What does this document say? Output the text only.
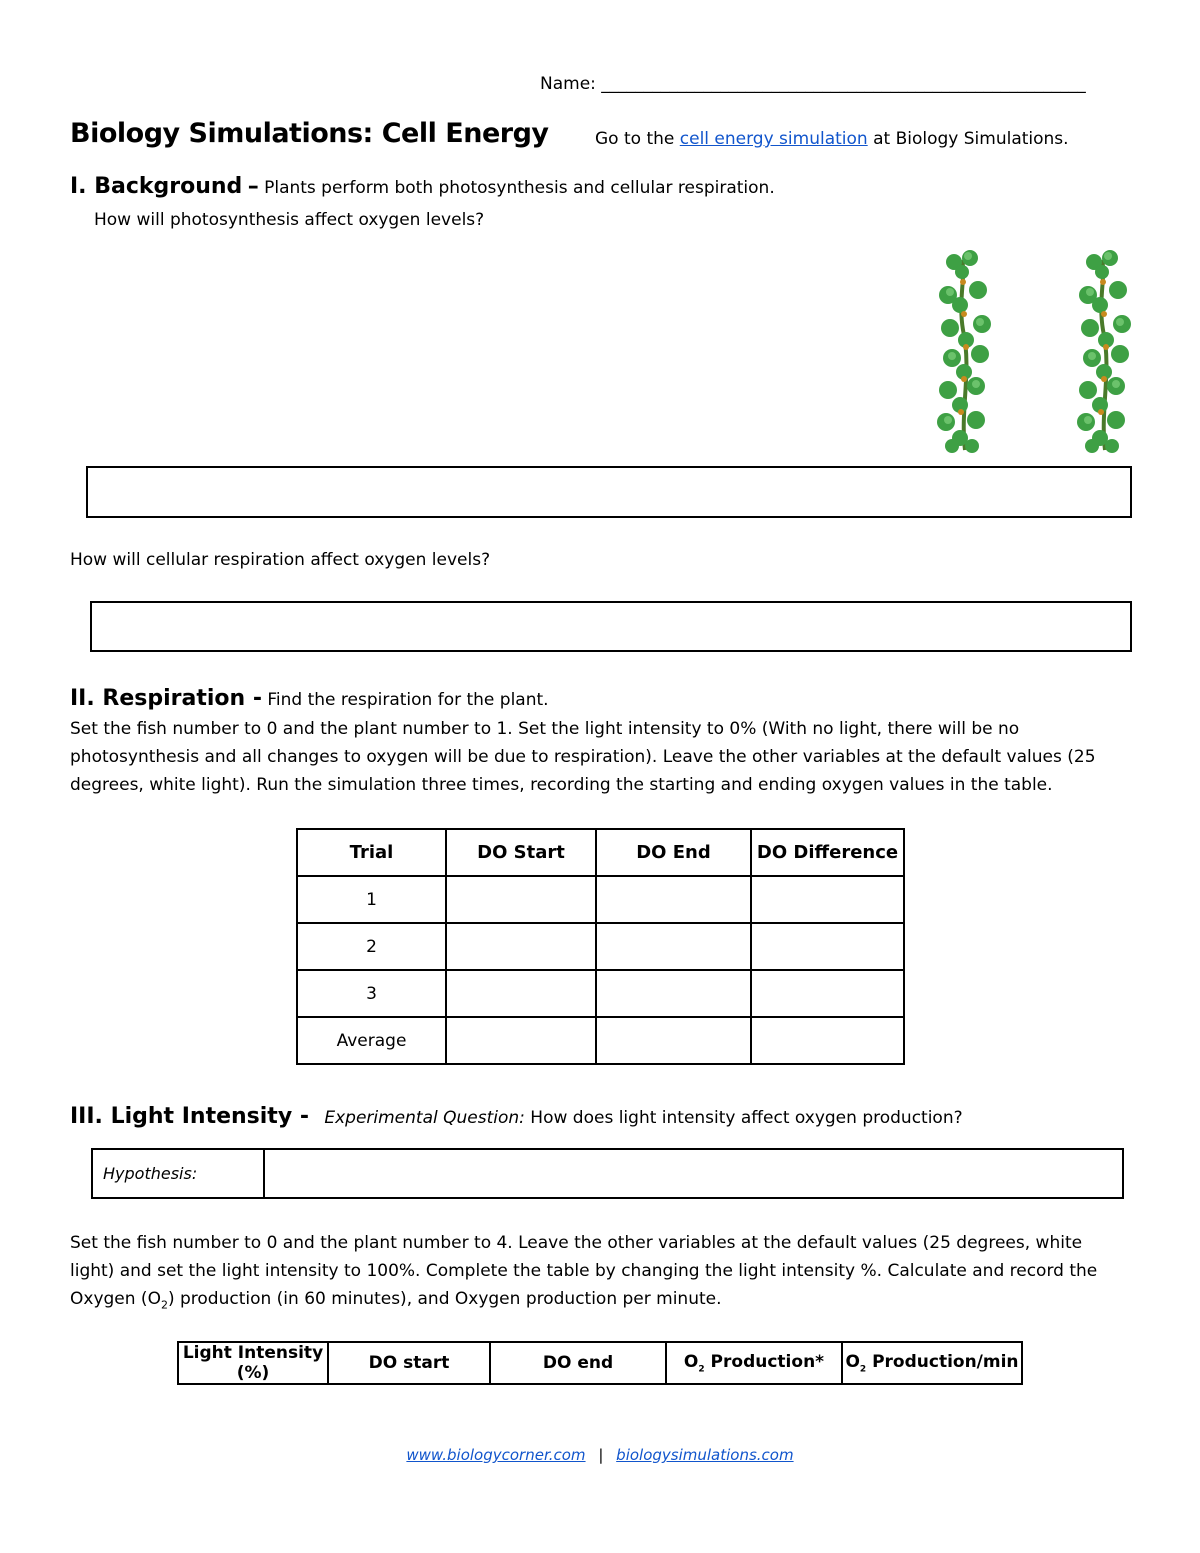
Name: _________________________________________________________
Biology Simulations: Cell Energy	Go to the cell energy simulation at Biology Simulations.
I. Background – Plants perform both photosynthesis and cellular respiration.
How will photosynthesis affect oxygen levels?
How will cellular respiration affect oxygen levels?
II. Respiration - Find the respiration for the plant.
Set the fish number to 0 and the plant number to 1. Set the light intensity to 0% (With no light, there will be no photosynthesis and all changes to oxygen will be due to respiration). Leave the other variables at the default values (25 degrees, white light). Run the simulation three times, recording the starting and ending oxygen values in the table.
Trial	DO Start	DO End	DO Difference
1			
2			
3			
Average			
III. Light Intensity - Experimental Question: How does light intensity affect oxygen production?
Hypothesis:	
Set the fish number to 0 and the plant number to 4. Leave the other variables at the default values (25 degrees, white light) and set the light intensity to 100%. Complete the table by changing the light intensity %. Calculate and record the Oxygen $(O_2)$ production (in 60 minutes), and Oxygen production per minute.
Light Intensity (%)	DO start	DO end	$O_2$ Production*	$O_2$ Production/min
www.biologycorner.com | biologysimulations.com
